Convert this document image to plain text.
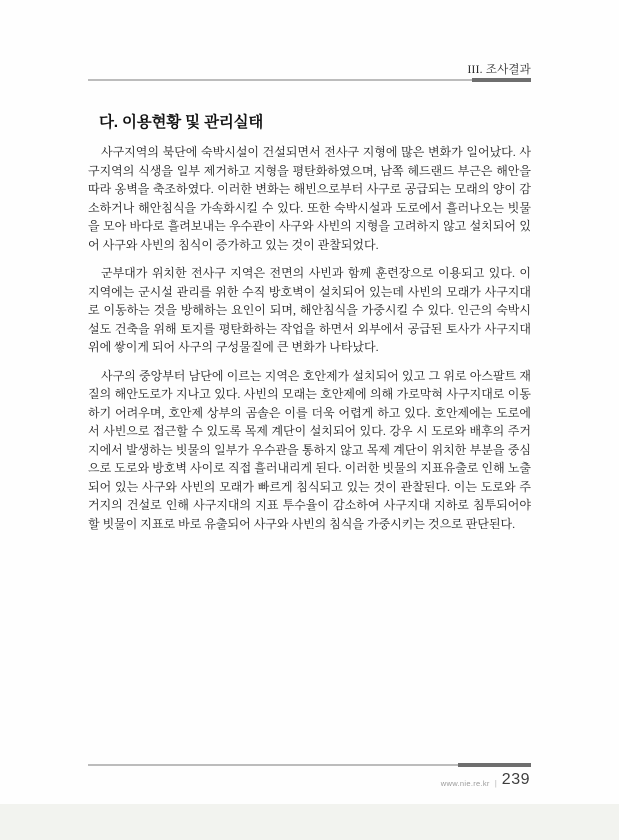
III. 조사결과
다. 이용현황 및 관리실태

사구지역의 북단에 숙박시설이 건설되면서 전사구 지형에 많은 변화가 일어났다. 사구지역의 식생을 일부 제거하고 지형을 평탄화하였으며, 남쪽 헤드랜드 부근은 해안을 따라 옹벽을 축조하였다. 이러한 변화는 해빈으로부터 사구로 공급되는 모래의 양이 감소하거나 해안침식을 가속화시킬 수 있다. 또한 숙박시설과 도로에서 흘러나오는 빗물을 모아 바다로 흘려보내는 우수관이 사구와 사빈의 지형을 고려하지 않고 설치되어 있어 사구와 사빈의 침식이 증가하고 있는 것이 관찰되었다.

군부대가 위치한 전사구 지역은 전면의 사빈과 함께 훈련장으로 이용되고 있다. 이 지역에는 군시설 관리를 위한 수직 방호벽이 설치되어 있는데 사빈의 모래가 사구지대로 이동하는 것을 방해하는 요인이 되며, 해안침식을 가중시킬 수 있다. 인근의 숙박시설도 건축을 위해 토지를 평탄화하는 작업을 하면서 외부에서 공급된 토사가 사구지대 위에 쌓이게 되어 사구의 구성물질에 큰 변화가 나타났다.

사구의 중앙부터 남단에 이르는 지역은 호안제가 설치되어 있고 그 위로 아스팔트 재질의 해안도로가 지나고 있다. 사빈의 모래는 호안제에 의해 가로막혀 사구지대로 이동하기 어려우며, 호안제 상부의 곰솔은 이를 더욱 어렵게 하고 있다. 호안제에는 도로에서 사빈으로 접근할 수 있도록 목제 계단이 설치되어 있다. 강우 시 도로와 배후의 주거지에서 발생하는 빗물의 일부가 우수관을 통하지 않고 목제 계단이 위치한 부분을 중심으로 도로와 방호벽 사이로 직접 흘러내리게 된다. 이러한 빗물의 지표유출로 인해 노출되어 있는 사구와 사빈의 모래가 빠르게 침식되고 있는 것이 관찰된다. 이는 도로와 주거지의 건설로 인해 사구지대의 지표 투수율이 감소하여 사구지대 지하로 침투되어야 할 빗물이 지표로 바로 유출되어 사구와 사빈의 침식을 가중시키는 것으로 판단된다.

www.nie.re.kr | 239
